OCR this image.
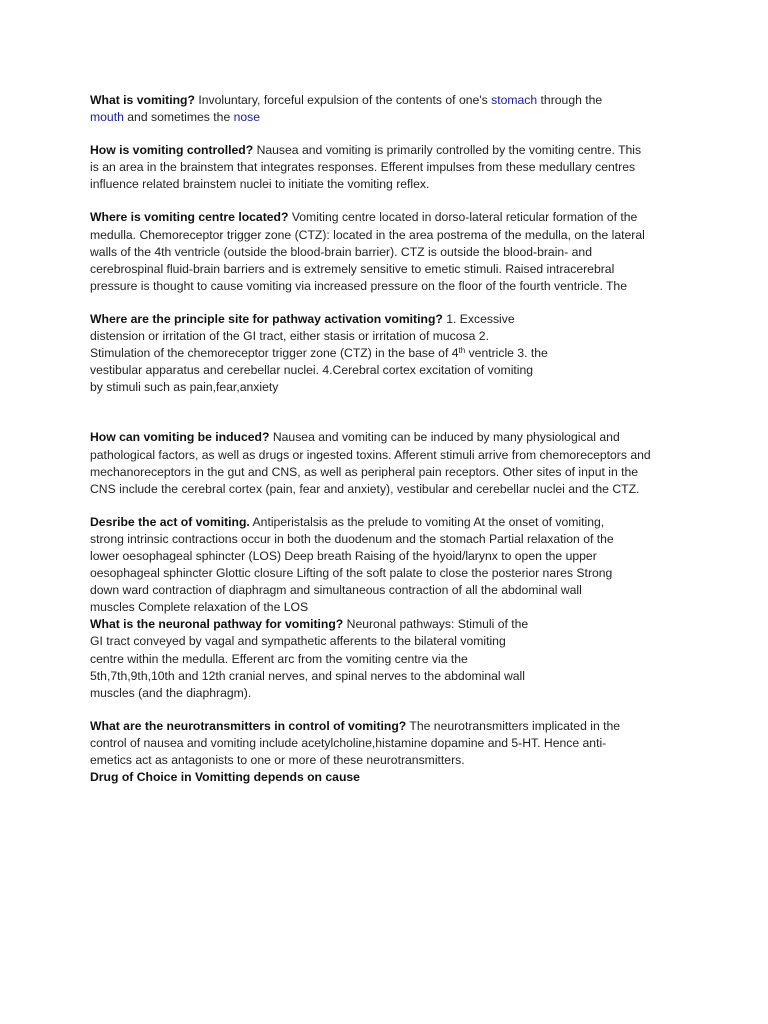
What is vomiting? Involuntary, forceful expulsion of the contents of one's stomach through the
mouth and sometimes the nose
How is vomiting controlled? Nausea and vomiting is primarily controlled by the vomiting centre. This
is an area in the brainstem that integrates responses. Efferent impulses from these medullary centres
influence related brainstem nuclei to initiate the vomiting reflex.
Where is vomiting centre located? Vomiting centre located in dorso-lateral reticular formation of the
medulla. Chemoreceptor trigger zone (CTZ): located in the area postrema of the medulla, on the lateral
walls of the 4th ventricle (outside the blood-brain barrier). CTZ is outside the blood-brain- and
cerebrospinal fluid-brain barriers and is extremely sensitive to emetic stimuli. Raised intracerebral
pressure is thought to cause vomiting via increased pressure on the floor of the fourth ventricle. The
Where are the principle site for pathway activation vomiting? 1. Excessive
distension or irritation of the GI tract, either stasis or irritation of mucosa 2.
Stimulation of the chemoreceptor trigger zone (CTZ) in the base of 4th ventricle 3. the
vestibular apparatus and cerebellar nuclei. 4.Cerebral cortex excitation of vomiting
by stimuli such as pain,fear,anxiety
How can vomiting be induced? Nausea and vomiting can be induced by many physiological and
pathological factors, as well as drugs or ingested toxins. Afferent stimuli arrive from chemoreceptors and
mechanoreceptors in the gut and CNS, as well as peripheral pain receptors. Other sites of input in the
CNS include the cerebral cortex (pain, fear and anxiety), vestibular and cerebellar nuclei and the CTZ.
Desribe the act of vomiting. Antiperistalsis as the prelude to vomiting At the onset of vomiting,
strong intrinsic contractions occur in both the duodenum and the stomach Partial relaxation of the
lower oesophageal sphincter (LOS) Deep breath Raising of the hyoid/larynx to open the upper
oesophageal sphincter Glottic closure Lifting of the soft palate to close the posterior nares Strong
down ward contraction of diaphragm and simultaneous contraction of all the abdominal wall
muscles Complete relaxation of the LOS
What is the neuronal pathway for vomiting? Neuronal pathways: Stimuli of the
GI tract conveyed by vagal and sympathetic afferents to the bilateral vomiting
centre within the medulla. Efferent arc from the vomiting centre via the
5th,7th,9th,10th and 12th cranial nerves, and spinal nerves to the abdominal wall
muscles (and the diaphragm).
What are the neurotransmitters in control of vomiting? The neurotransmitters implicated in the
control of nausea and vomiting include acetylcholine,histamine dopamine and 5-HT. Hence anti-
emetics act as antagonists to one or more of these neurotransmitters.
Drug of Choice in Vomitting depends on cause
